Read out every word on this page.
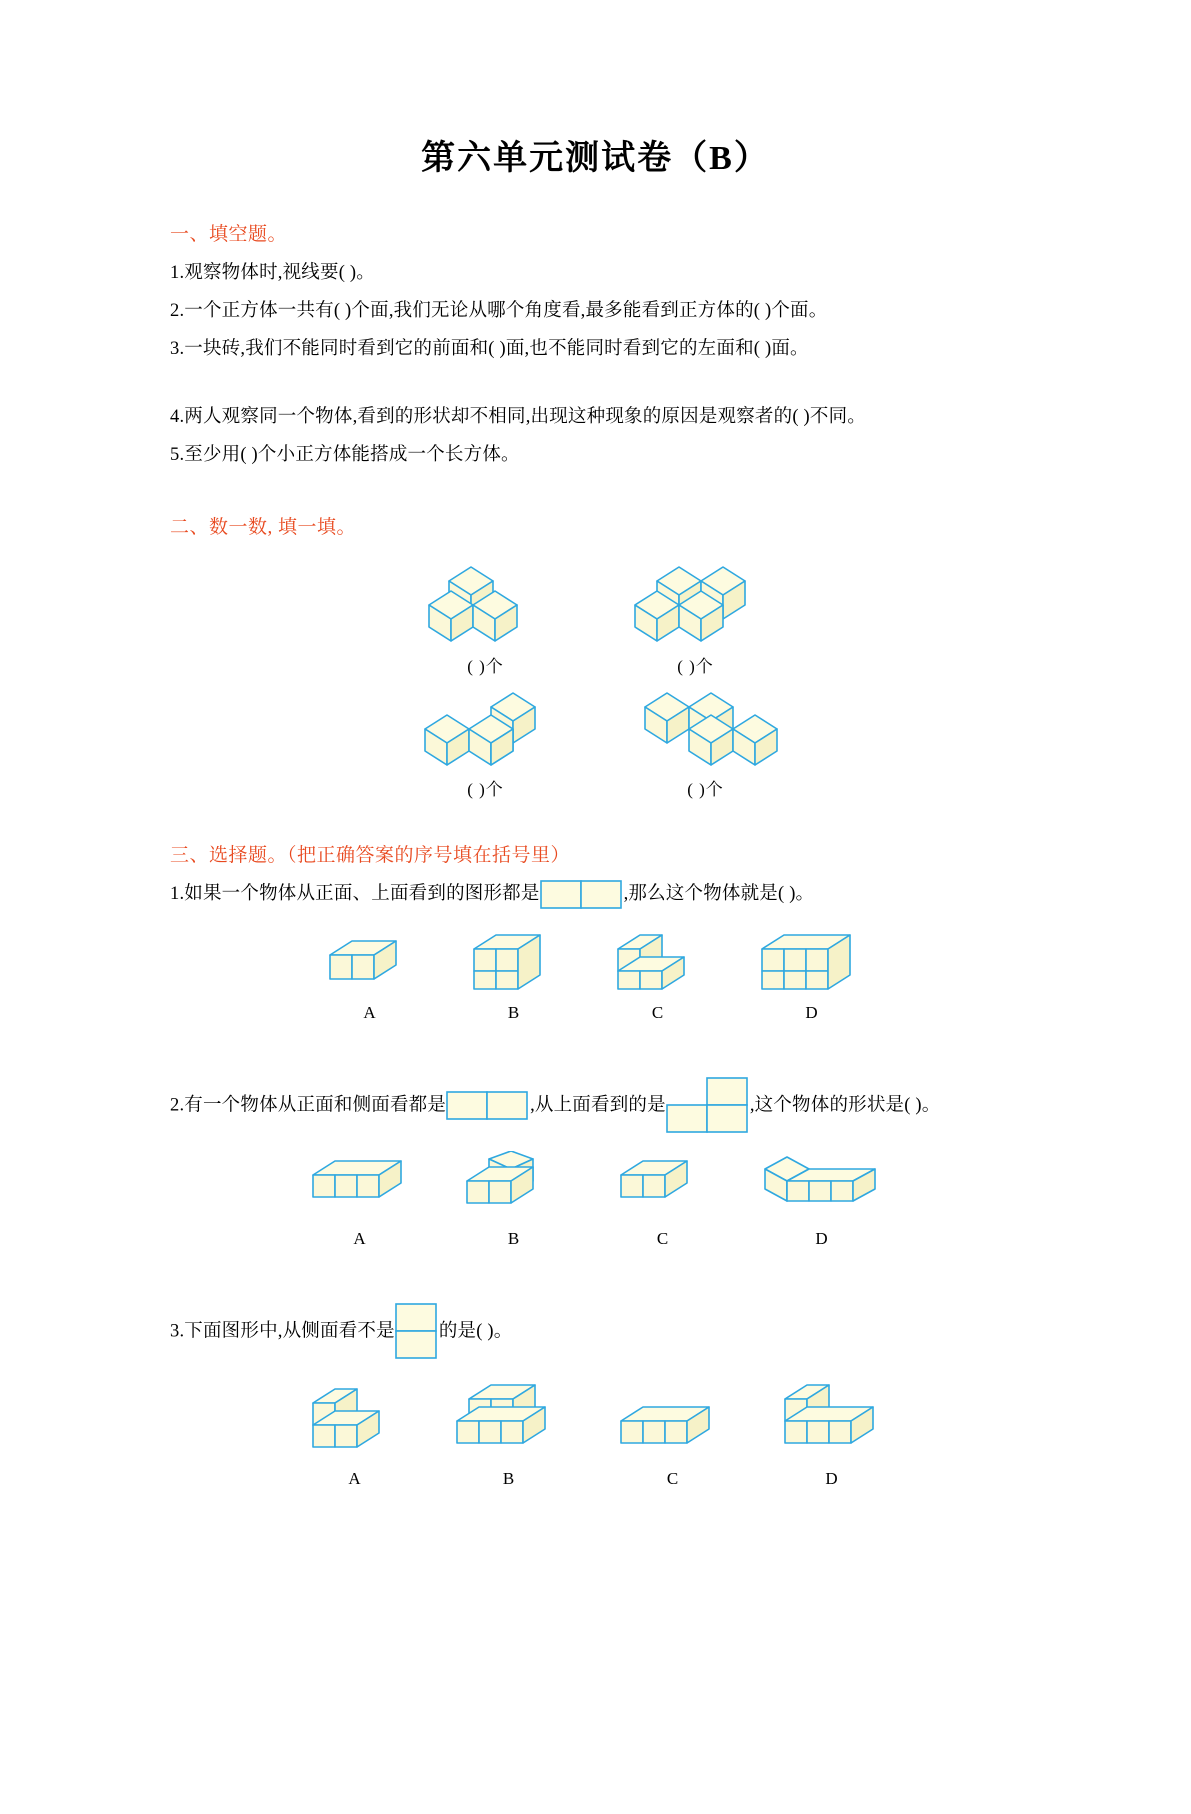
第六单元测试卷（B）
一、填空题。

1.观察物体时,视线要( )。

2.一个正方体一共有( )个面,我们无论从哪个角度看,最多能看到正方体的( )个面。

3.一块砖,我们不能同时看到它的前面和( )面,也不能同时看到它的左面和( )面。

4.两人观察同一个物体,看到的形状却不相同,出现这种现象的原因是观察者的( )不同。

5.至少用( )个小正方体能搭成一个长方体。

二、数一数, 填一填。
( )个	( )个
( )个	( )个
三、选择题。（把正确答案的序号填在括号里）

1.如果一个物体从正面、上面看到的图形都是	,那么这个物体就是( )。

A	B	C	D

2.有一个物体从正面和侧面看都是	,从上面看到的是	,这个物体的形状是( )。

A	B	C	D

3.下面图形中,从侧面看不是 的是( )。

A	B	C	D
